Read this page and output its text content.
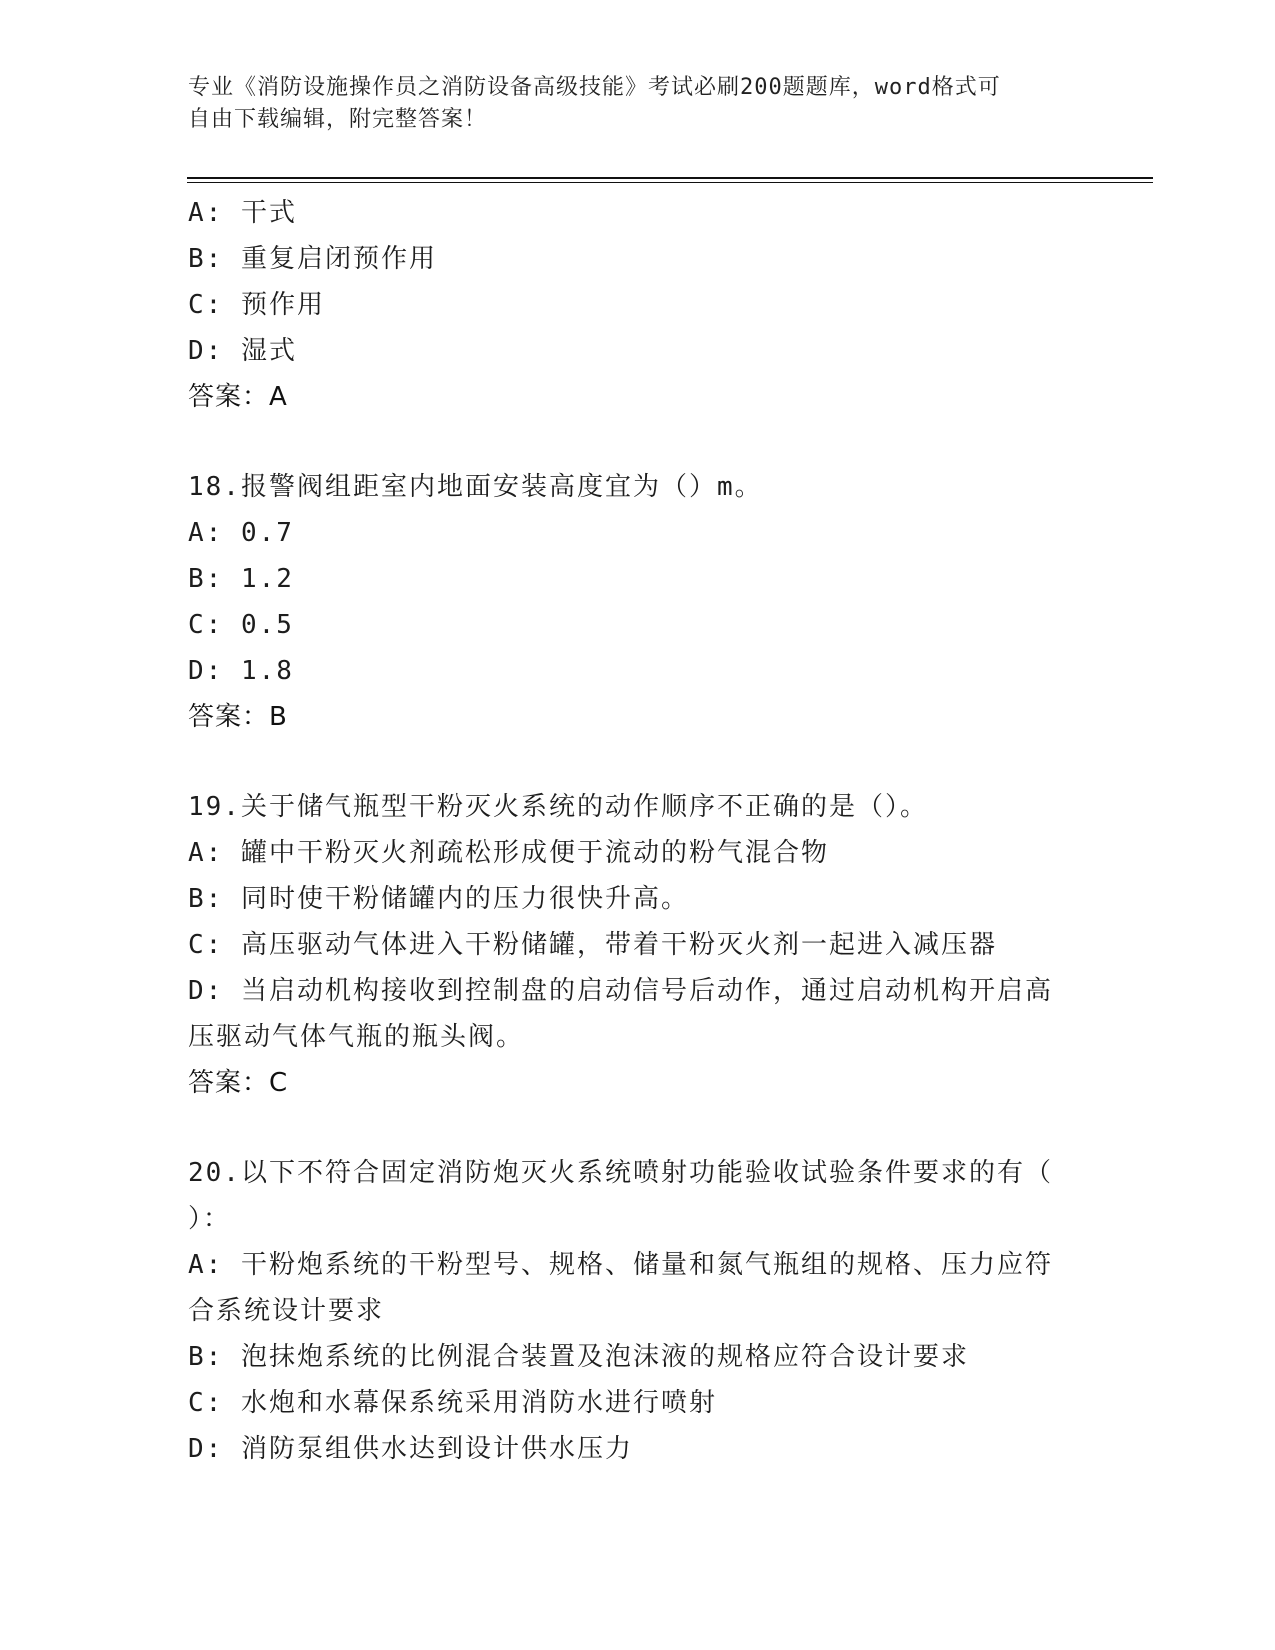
专业《消防设施操作员之消防设备高级技能》考试必刷200题题库，word格式可
自由下载编辑，附完整答案！
A: 干式
B: 重复启闭预作用
C: 预作用
D: 湿式
答案：A
18.报警阀组距室内地面安装高度宜为（）m。
A: 0.7
B: 1.2
C: 0.5
D: 1.8
答案：B
19.关于储气瓶型干粉灭火系统的动作顺序不正确的是（）。
A: 罐中干粉灭火剂疏松形成便于流动的粉气混合物
B: 同时使干粉储罐内的压力很快升高。
C: 高压驱动气体进入干粉储罐，带着干粉灭火剂一起进入减压器
D: 当启动机构接收到控制盘的启动信号后动作，通过启动机构开启高
压驱动气体气瓶的瓶头阀。
答案：C
20.以下不符合固定消防炮灭火系统喷射功能验收试验条件要求的有（
）：
A: 干粉炮系统的干粉型号、规格、储量和氮气瓶组的规格、压力应符
合系统设计要求
B: 泡抹炮系统的比例混合装置及泡沫液的规格应符合设计要求
C: 水炮和水幕保系统采用消防水进行喷射
D: 消防泵组供水达到设计供水压力
